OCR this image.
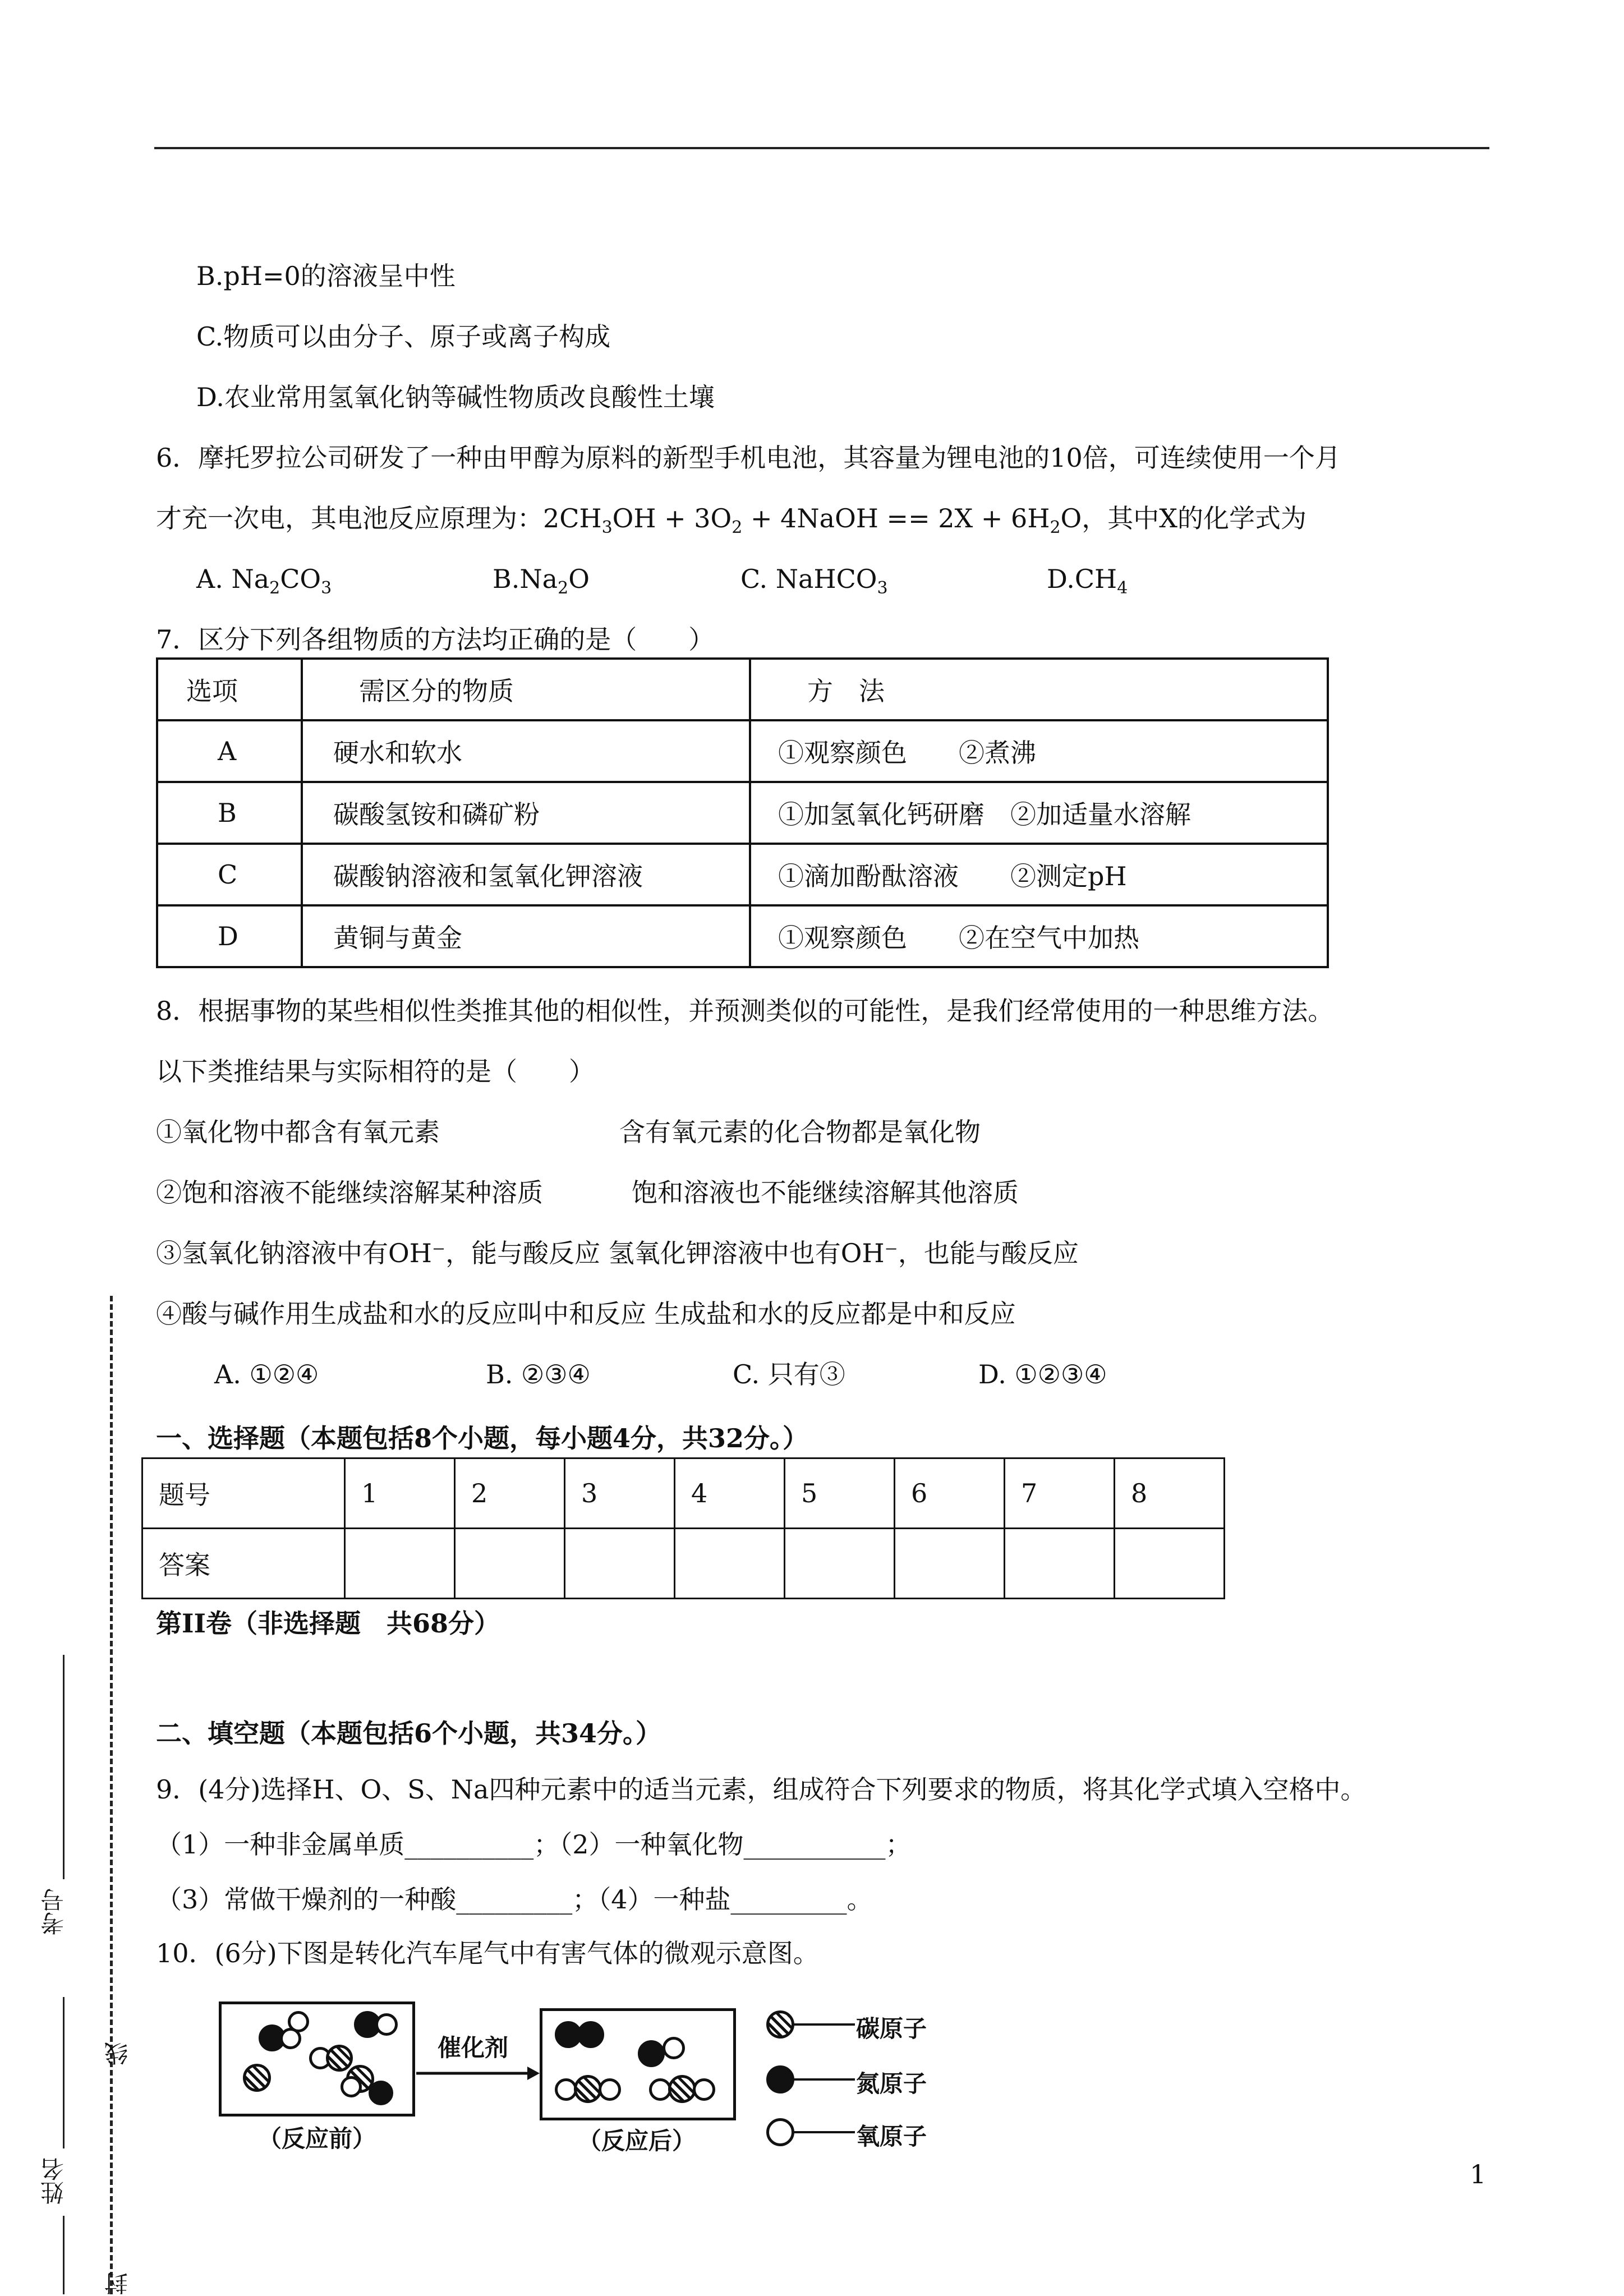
B.pH=0的溶液呈中性
C.物质可以由分子、原子或离子构成
D.农业常用氢氧化钠等碱性物质改良酸性土壤
6．摩托罗拉公司研发了一种由甲醇为原料的新型手机电池，其容量为锂电池的10倍，可连续使用一个月
才充一次电，其电池反应原理为：$2CH_3OH + 3O_2$ + 4NaOH == $2X + 6H_2O$，其中X的化学式为
A. $Na_2CO_3$	$B.Na_2O$	C. NaHCO$_3$	$D.CH_4$
7．区分下列各组物质的方法均正确的是（　　）
选项	需区分的物质	方　法
A	硬水和软水	①观察颜色　　②煮沸
B	碳酸氢铵和磷矿粉	①加氢氧化钙研磨　②加适量水溶解
C	碳酸钠溶液和氢氧化钾溶液	①滴加酚酞溶液　　②测定pH
D	黄铜与黄金	①观察颜色　　②在空气中加热
8．根据事物的某些相似性类推其他的相似性，并预测类似的可能性，是我们经常使用的一种思维方法。
以下类推结果与实际相符的是（　　）
①氧化物中都含有氧元素	含有氧元素的化合物都是氧化物
②饱和溶液不能继续溶解某种溶质	饱和溶液也不能继续溶解其他溶质
③氢氧化钠溶液中有OH⁻，能与酸反应 氢氧化钾溶液中也有OH⁻，也能与酸反应
④酸与碱作用生成盐和水的反应叫中和反应 生成盐和水的反应都是中和反应
A. ①②④	B. ②③④	C. 只有③	D. ①②③④
一、选择题（本题包括8个小题，每小题4分，共32分。）
题号	1	2	3	4	5	6	7	8
答案								
第II卷（非选择题　共68分）
二、填空题（本题包括6个小题，共34分。）
9．(4分)选择H、O、S、Na四种元素中的适当元素，组成符合下列要求的物质，将其化学式填入空格中。
（1）一种非金属单质__________；（2）一种氧化物___________；
（3）常做干燥剂的一种酸_________；（4）一种盐_________。
10．(6分)下图是转化汽车尾气中有害气体的微观示意图。
（反应前）
催化剂
（反应后）
碳原子
氮原子
氧原子
1
考号
线
姓名
封
